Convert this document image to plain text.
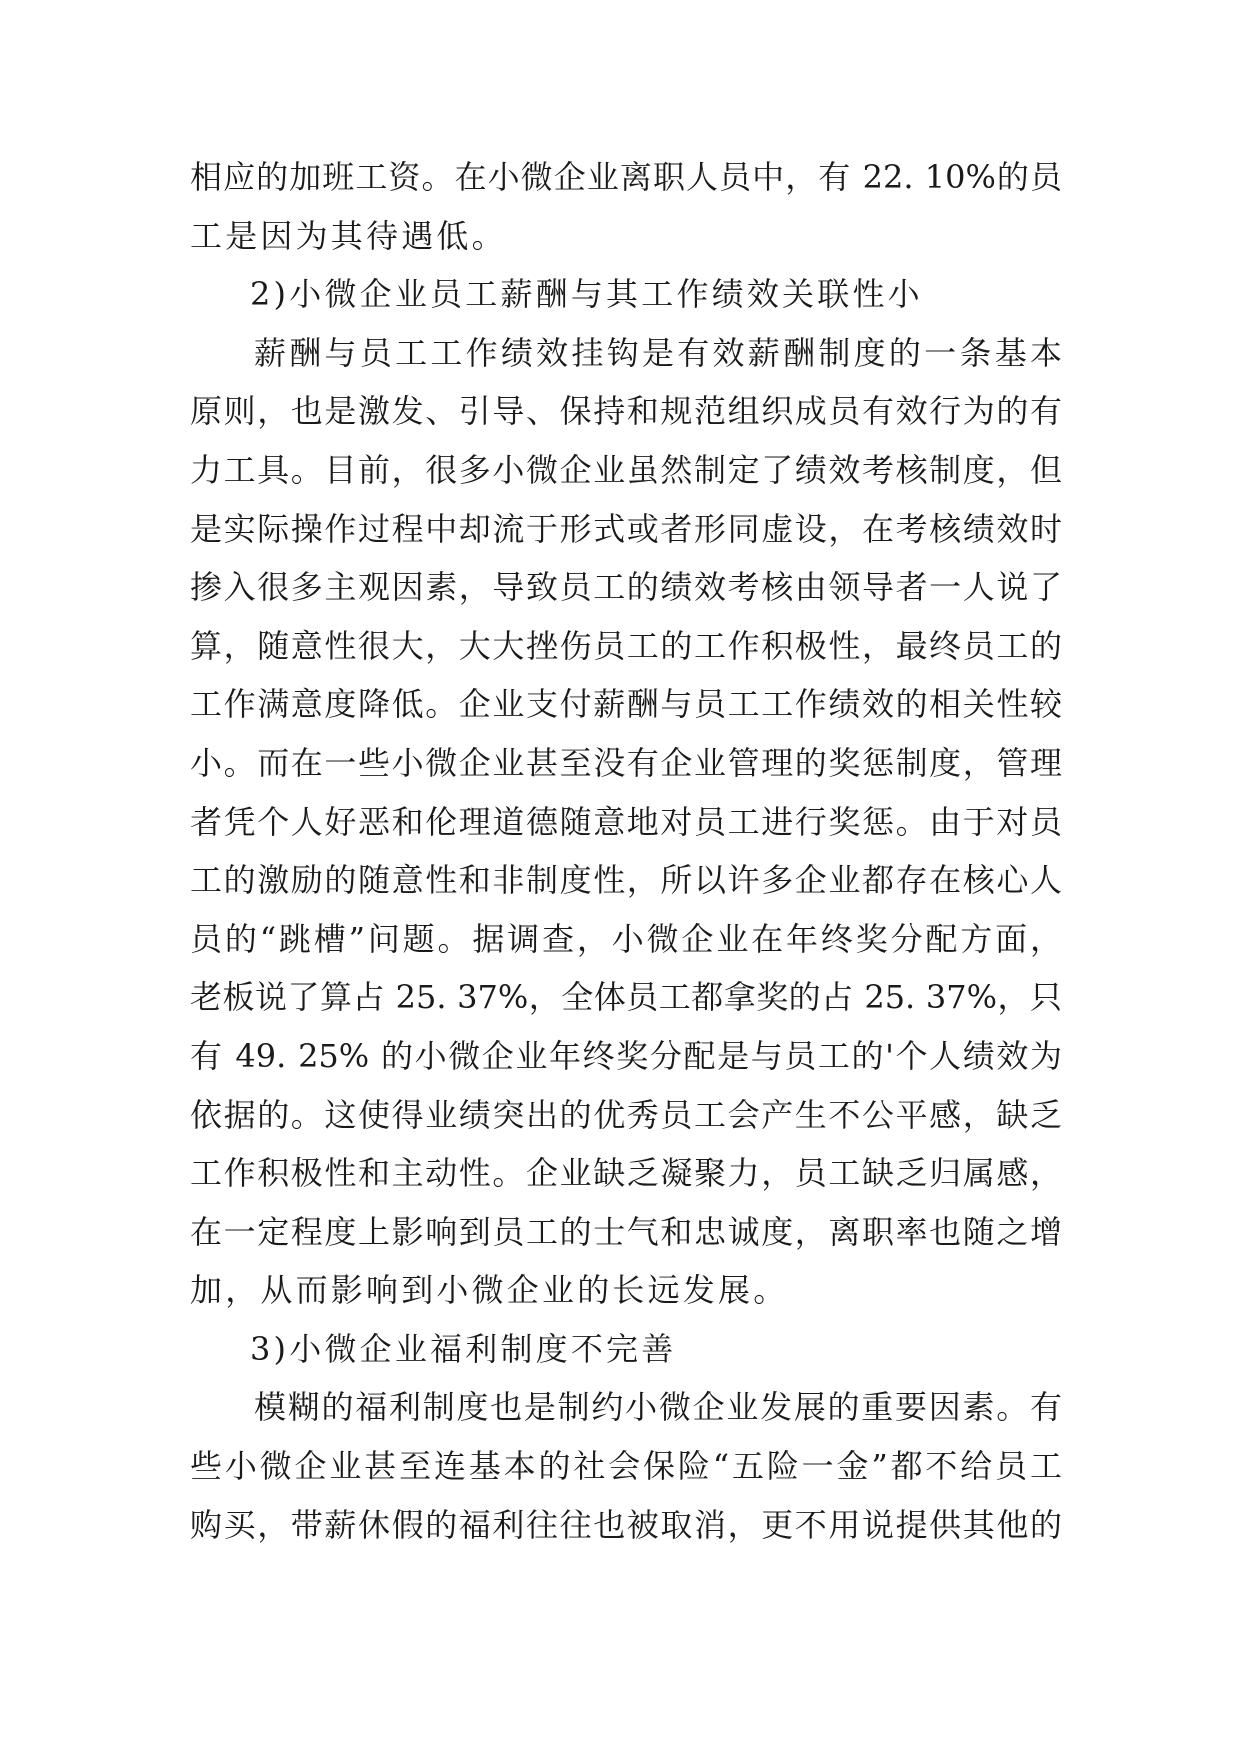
相应的加班工资。在小微企业离职人员中，有 22. 10%的员
工是因为其待遇低。
2)小微企业员工薪酬与其工作绩效关联性小
薪酬与员工工作绩效挂钩是有效薪酬制度的一条基本
原则，也是激发、引导、保持和规范组织成员有效行为的有
力工具。目前，很多小微企业虽然制定了绩效考核制度，但
是实际操作过程中却流于形式或者形同虚设，在考核绩效时
掺入很多主观因素，导致员工的绩效考核由领导者一人说了
算，随意性很大，大大挫伤员工的工作积极性，最终员工的
工作满意度降低。企业支付薪酬与员工工作绩效的相关性较
小。而在一些小微企业甚至没有企业管理的奖惩制度，管理
者凭个人好恶和伦理道德随意地对员工进行奖惩。由于对员
工的激励的随意性和非制度性，所以许多企业都存在核心人
员的“跳槽”问题。据调查，小微企业在年终奖分配方面，
老板说了算占 25. 37%，全体员工都拿奖的占 25. 37%，只
有 49. 25% 的小微企业年终奖分配是与员工的'个人绩效为
依据的。这使得业绩突出的优秀员工会产生不公平感，缺乏
工作积极性和主动性。企业缺乏凝聚力，员工缺乏归属感，
在一定程度上影响到员工的士气和忠诚度，离职率也随之增
加，从而影响到小微企业的长远发展。
3)小微企业福利制度不完善
模糊的福利制度也是制约小微企业发展的重要因素。有
些小微企业甚至连基本的社会保险“五险一金”都不给员工
购买，带薪休假的福利往往也被取消，更不用说提供其他的
